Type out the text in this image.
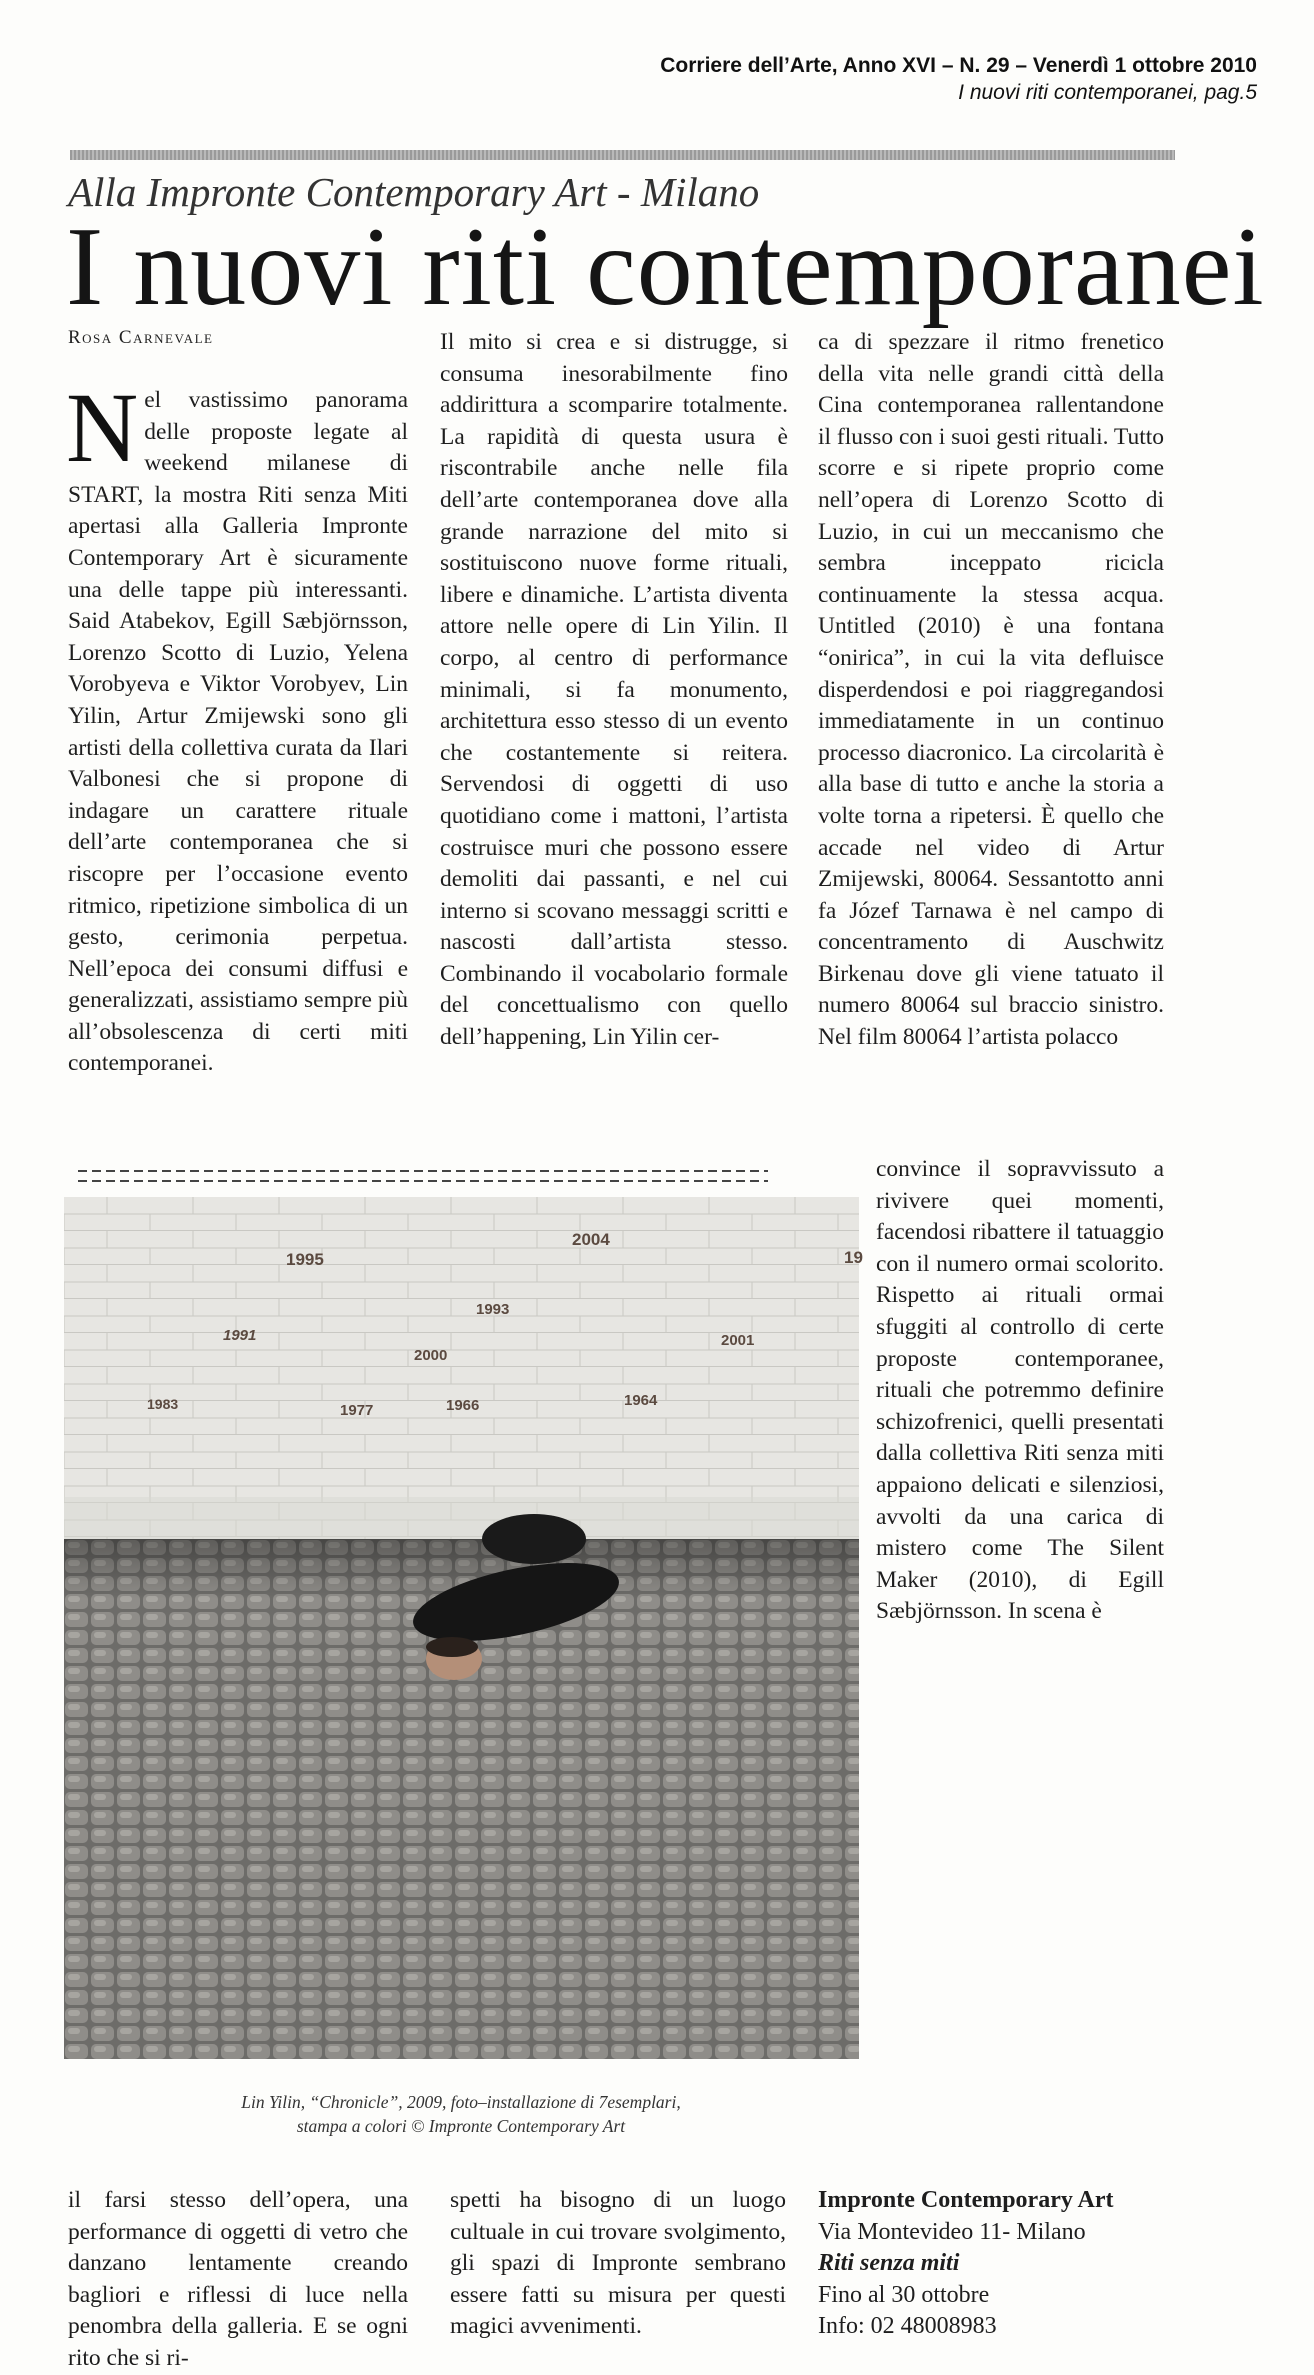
Corriere dell’Arte, Anno XVI – N. 29 – Venerdì 1 ottobre 2010
I nuovi riti contemporanei, pag.5
Alla Impronte Contemporary Art - Milano
I nuovi riti contemporanei
Rosa Carnevale
N el vastissimo panorama delle proposte legate al weekend milanese di START, la mostra Riti senza Miti apertasi alla Galleria Impronte Contemporary Art è sicuramente una delle tappe più interessanti. Said Atabekov, Egill Sæbjörnsson, Lorenzo Scotto di Luzio, Yelena Vorobyeva e Viktor Vorobyev, Lin Yilin, Artur Zmijewski sono gli artisti della collettiva curata da Ilari Valbonesi che si propone di indagare un carattere rituale dell’arte contemporanea che si riscopre per l’occasione evento ritmico, ripetizione simbolica di un gesto, cerimonia perpetua. Nell’epoca dei consumi diffusi e generalizzati, assistiamo sempre più all’obsolescenza di certi miti contemporanei.

Il mito si crea e si distrugge, si consuma inesorabilmente fino addirittura a scomparire totalmente. La rapidità di questa usura è riscontrabile anche nelle fila dell’arte contemporanea dove alla grande narrazione del mito si sostituiscono nuove forme rituali, libere e dinamiche. L’artista diventa attore nelle opere di Lin Yilin. Il corpo, al centro di performance minimali, si fa monumento, architettura esso stesso di un evento che costantemente si reitera. Servendosi di oggetti di uso quotidiano come i mattoni, l’artista costruisce muri che possono essere demoliti dai passanti, e nel cui interno si scovano messaggi scritti e nascosti dall’artista stesso. Combinando il vocabolario formale del concettualismo con quello dell’happening, Lin Yilin cer-

ca di spezzare il ritmo frenetico della vita nelle grandi città della Cina contemporanea rallentandone il flusso con i suoi gesti rituali. Tutto scorre e si ripete proprio come nell’opera di Lorenzo Scotto di Luzio, in cui un meccanismo che sembra inceppato ricicla continuamente la stessa acqua. Untitled (2010) è una fontana “onirica”, in cui la vita defluisce disperdendosi e poi riaggregandosi immediatamente in un continuo processo diacronico. La circolarità è alla base di tutto e anche la storia a volte torna a ripetersi. È quello che accade nel video di Artur Zmijewski, 80064. Sessantotto anni fa Józef Tarnawa è nel campo di concentramento di Auschwitz Birkenau dove gli viene tatuato il numero 80064 sul braccio sinistro. Nel film 80064 l’artista polacco

1995
2004
19
1991
1993
2001
2000
1983	1977	1966	1964
Lin Yilin, “Chronicle”, 2009, foto–installazione di 7esemplari,
stampa a colori © Impronte Contemporary Art

convince il sopravvissuto a rivivere quei momenti, facendosi ribattere il tatuaggio con il numero ormai scolorito. Rispetto ai rituali ormai sfuggiti al controllo di certe proposte contemporanee, rituali che potremmo definire schizofrenici, quelli presentati dalla collettiva Riti senza miti appaiono delicati e silenziosi, avvolti da una carica di mistero come The Silent Maker (2010), di Egill Sæbjörnsson. In scena è

il farsi stesso dell’opera, una performance di oggetti di vetro che danzano lentamente creando bagliori e riflessi di luce nella penombra della galleria. E se ogni rito che si ri-

spetti ha bisogno di un luogo cultuale in cui trovare svolgimento, gli spazi di Impronte sembrano essere fatti su misura per questi magici avvenimenti.

Impronte Contemporary Art
Via Montevideo 11- Milano
Riti senza miti
Fino al 30 ottobre
Info: 02 48008983
